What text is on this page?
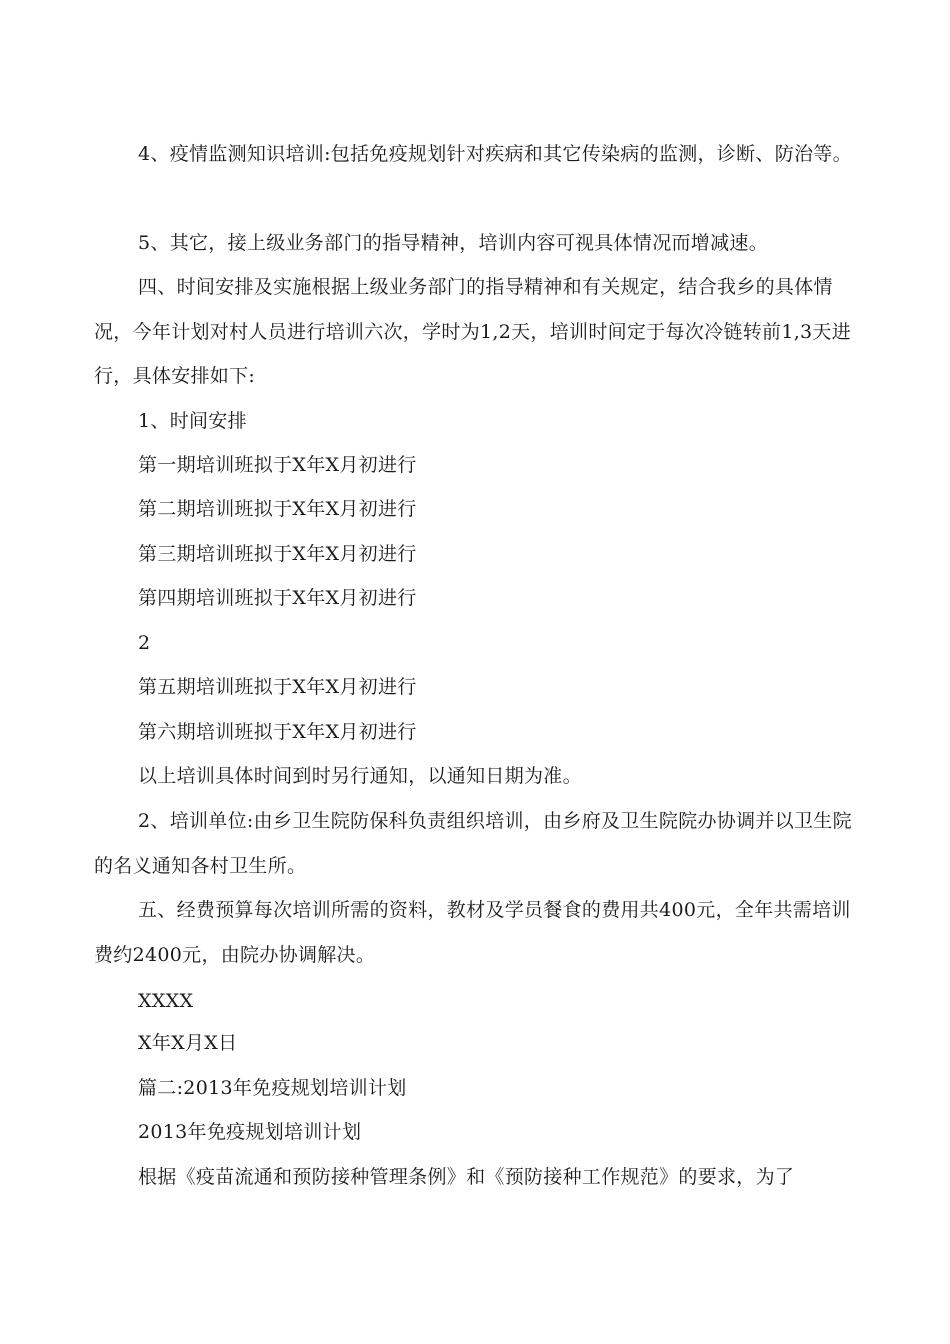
4、疫情监测知识培训:包括免疫规划针对疾病和其它传染病的监测，诊断、防治等。
5、其它，接上级业务部门的指导精神，培训内容可视具体情况而增减速。
四、时间安排及实施根据上级业务部门的指导精神和有关规定，结合我乡的具体情况，今年计划对村人员进行培训六次，学时为1,2天，培训时间定于每次冷链转前1,3天进行，具体安排如下:
1、时间安排
第一期培训班拟于X年X月初进行
第二期培训班拟于X年X月初进行
第三期培训班拟于X年X月初进行
第四期培训班拟于X年X月初进行
2
第五期培训班拟于X年X月初进行
第六期培训班拟于X年X月初进行
以上培训具体时间到时另行通知，以通知日期为准。
2、培训单位:由乡卫生院防保科负责组织培训，由乡府及卫生院院办协调并以卫生院的名义通知各村卫生所。
五、经费预算每次培训所需的资料，教材及学员餐食的费用共400元，全年共需培训费约2400元，由院办协调解决。
XXXX
X年X月X日
篇二:2013年免疫规划培训计划
2013年免疫规划培训计划
根据《疫苗流通和预防接种管理条例》和《预防接种工作规范》的要求，为了
